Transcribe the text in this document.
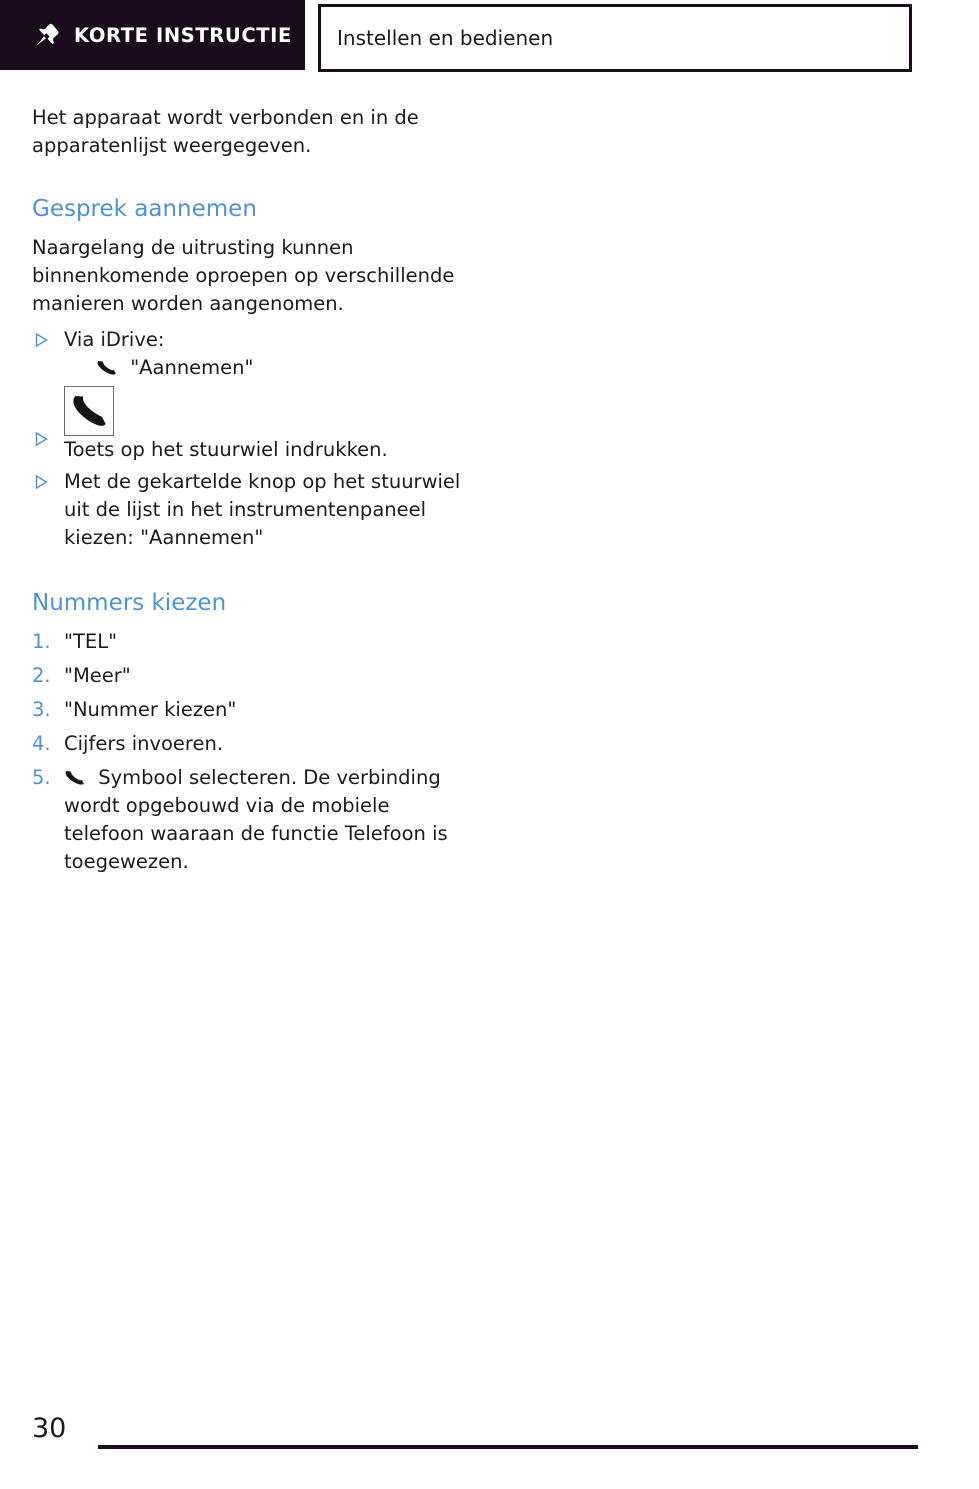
KORTE INSTRUCTIE Instellen en bedienen

Het apparaat wordt verbonden en in de apparatenlijst weergegeven.

Gesprek aannemen

Naargelang de uitrusting kunnen binnenkomende oproepen op verschillende manieren worden aangenomen.

Via iDrive:
"Aannemen"
Toets op het stuurwiel indrukken.
Met de gekartelde knop op het stuurwiel uit de lijst in het instrumentenpaneel kiezen: "Aannemen"
Nummers kiezen
1. "TEL"
2. "Meer"
3. "Nummer kiezen"
4. Cijfers invoeren.
5. Symbool selecteren. De verbinding wordt opgebouwd via de mobiele telefoon waaraan de functie Telefoon is toegewezen.
30
